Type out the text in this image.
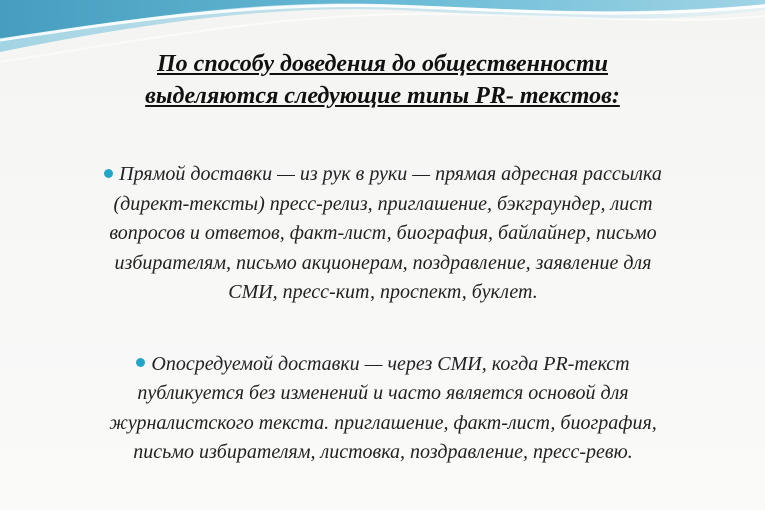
По способу доведения до общественности
выделяются следующие типы PR- текстов:
Прямой доставки — из рук в руки — прямая адресная рассылка
(директ-тексты) пресс-релиз, приглашение, бэкграундер, лист
вопросов и ответов, факт-лист, биография, байлайнер, письмо
избирателям, письмо акционерам, поздравление, заявление для
СМИ, пресс-кит, проспект, буклет.
Опосредуемой доставки — через СМИ, когда PR-текст
публикуется без изменений и часто является основой для
журналистского текста. приглашение, факт-лист, биография,
письмо избирателям, листовка, поздравление, пресс-ревю.
